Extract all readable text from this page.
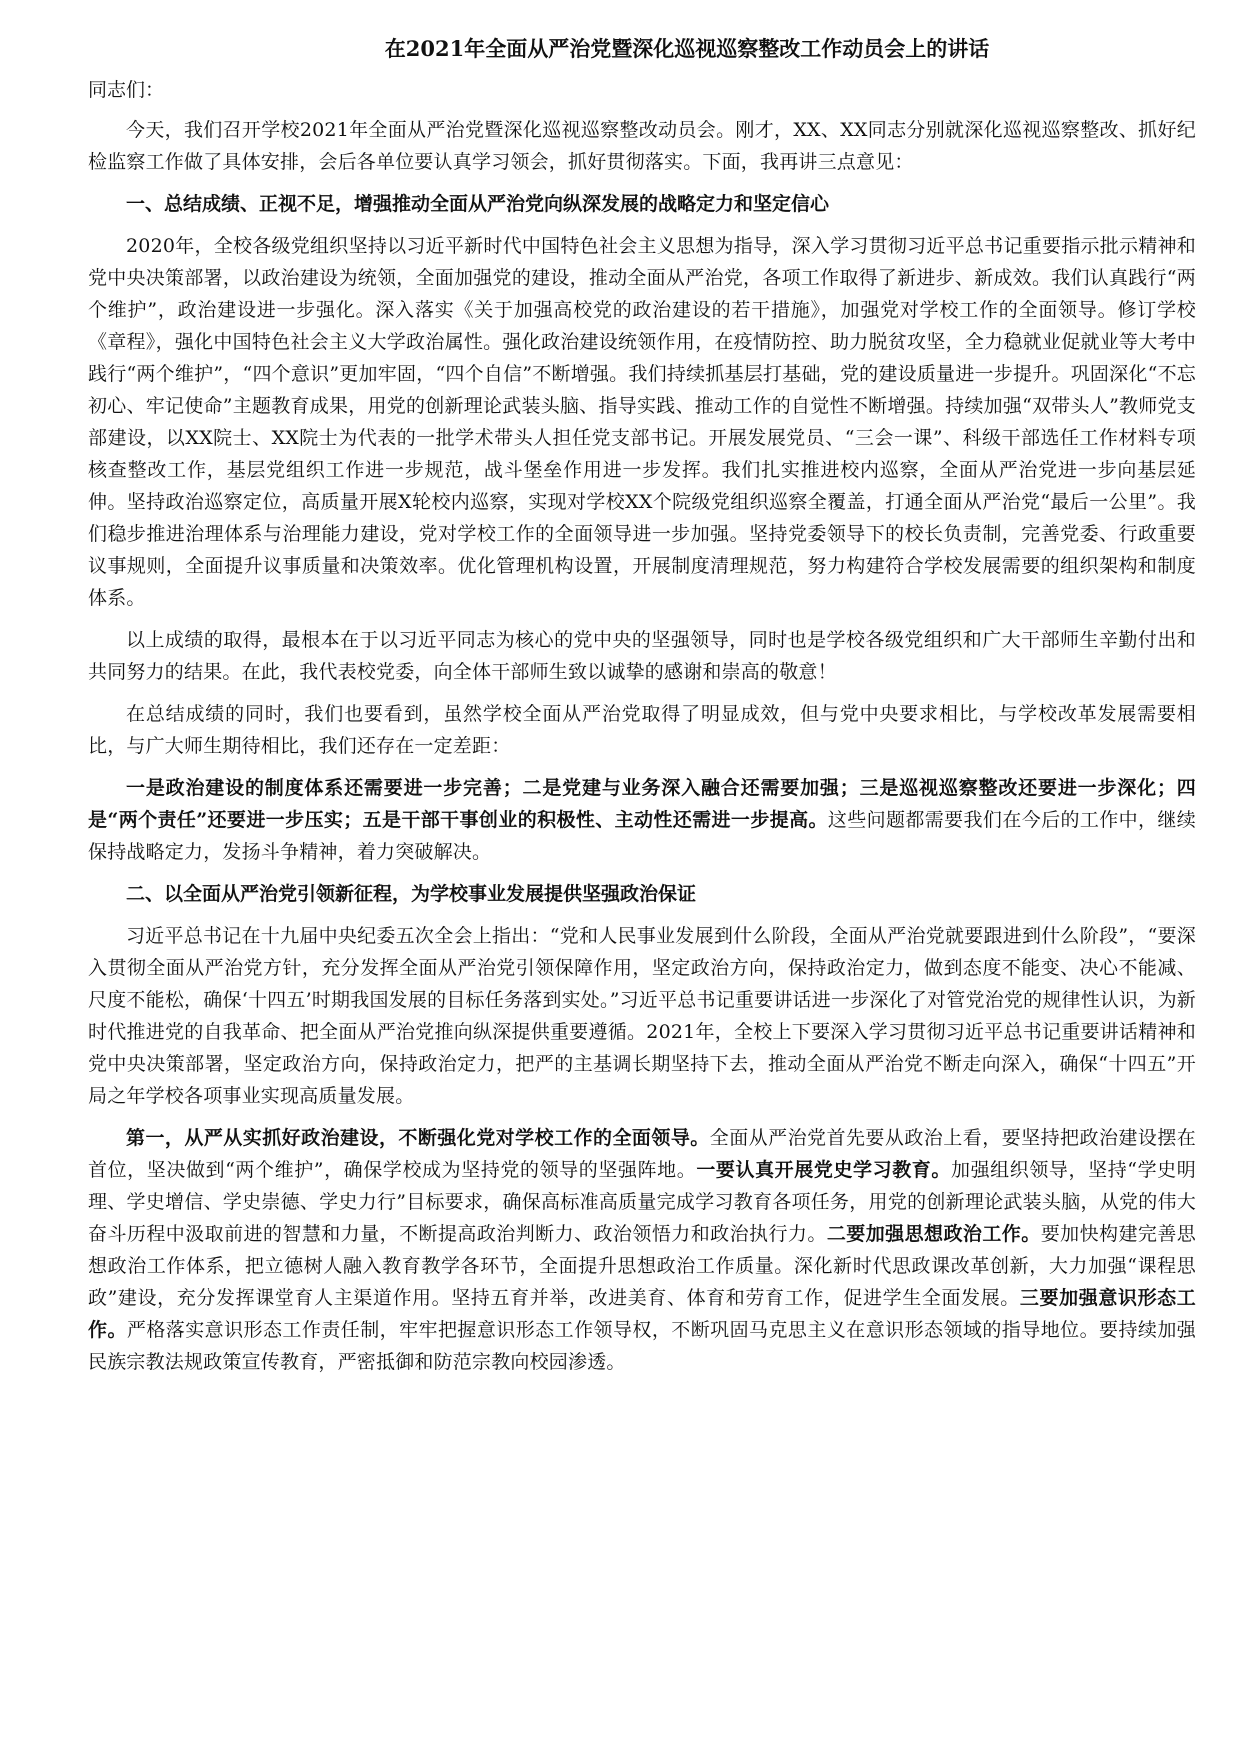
在2021年全面从严治党暨深化巡视巡察整改工作动员会上的讲话
同志们：

今天，我们召开学校2021年全面从严治党暨深化巡视巡察整改动员会。刚才，XX、XX同志分别就深化巡视巡察整改、抓好纪检监察工作做了具体安排，会后各单位要认真学习领会，抓好贯彻落实。下面，我再讲三点意见：

一、总结成绩、正视不足，增强推动全面从严治党向纵深发展的战略定力和坚定信心

2020年，全校各级党组织坚持以习近平新时代中国特色社会主义思想为指导，深入学习贯彻习近平总书记重要指示批示精神和党中央决策部署，以政治建设为统领，全面加强党的建设，推动全面从严治党，各项工作取得了新进步、新成效。我们认真践行“两个维护”，政治建设进一步强化。深入落实《关于加强高校党的政治建设的若干措施》，加强党对学校工作的全面领导。修订学校《章程》，强化中国特色社会主义大学政治属性。强化政治建设统领作用，在疫情防控、助力脱贫攻坚，全力稳就业促就业等大考中践行“两个维护”，“四个意识”更加牢固，“四个自信”不断增强。我们持续抓基层打基础，党的建设质量进一步提升。巩固深化“不忘初心、牢记使命”主题教育成果，用党的创新理论武装头脑、指导实践、推动工作的自觉性不断增强。持续加强“双带头人”教师党支部建设，以XX院士、XX院士为代表的一批学术带头人担任党支部书记。开展发展党员、“三会一课”、科级干部选任工作材料专项核查整改工作，基层党组织工作进一步规范，战斗堡垒作用进一步发挥。我们扎实推进校内巡察，全面从严治党进一步向基层延伸。坚持政治巡察定位，高质量开展X轮校内巡察，实现对学校XX个院级党组织巡察全覆盖，打通全面从严治党“最后一公里”。我们稳步推进治理体系与治理能力建设，党对学校工作的全面领导进一步加强。坚持党委领导下的校长负责制，完善党委、行政重要议事规则，全面提升议事质量和决策效率。优化管理机构设置，开展制度清理规范，努力构建符合学校发展需要的组织架构和制度体系。

以上成绩的取得，最根本在于以习近平同志为核心的党中央的坚强领导，同时也是学校各级党组织和广大干部师生辛勤付出和共同努力的结果。在此，我代表校党委，向全体干部师生致以诚挚的感谢和崇高的敬意！

在总结成绩的同时，我们也要看到，虽然学校全面从严治党取得了明显成效，但与党中央要求相比，与学校改革发展需要相比，与广大师生期待相比，我们还存在一定差距：

一是政治建设的制度体系还需要进一步完善；二是党建与业务深入融合还需要加强；三是巡视巡察整改还要进一步深化；四是“两个责任”还要进一步压实；五是干部干事创业的积极性、主动性还需进一步提高。这些问题都需要我们在今后的工作中，继续保持战略定力，发扬斗争精神，着力突破解决。

二、以全面从严治党引领新征程，为学校事业发展提供坚强政治保证

习近平总书记在十九届中央纪委五次全会上指出：“党和人民事业发展到什么阶段，全面从严治党就要跟进到什么阶段”，“要深入贯彻全面从严治党方针，充分发挥全面从严治党引领保障作用，坚定政治方向，保持政治定力，做到态度不能变、决心不能减、尺度不能松，确保‘十四五’时期我国发展的目标任务落到实处。”习近平总书记重要讲话进一步深化了对管党治党的规律性认识，为新时代推进党的自我革命、把全面从严治党推向纵深提供重要遵循。2021年，全校上下要深入学习贯彻习近平总书记重要讲话精神和党中央决策部署，坚定政治方向，保持政治定力，把严的主基调长期坚持下去，推动全面从严治党不断走向深入，确保“十四五”开局之年学校各项事业实现高质量发展。

第一，从严从实抓好政治建设，不断强化党对学校工作的全面领导。全面从严治党首先要从政治上看，要坚持把政治建设摆在首位，坚决做到“两个维护”，确保学校成为坚持党的领导的坚强阵地。一要认真开展党史学习教育。加强组织领导，坚持“学史明理、学史增信、学史崇德、学史力行”目标要求，确保高标准高质量完成学习教育各项任务，用党的创新理论武装头脑，从党的伟大奋斗历程中汲取前进的智慧和力量，不断提高政治判断力、政治领悟力和政治执行力。二要加强思想政治工作。要加快构建完善思想政治工作体系，把立德树人融入教育教学各环节，全面提升思想政治工作质量。深化新时代思政课改革创新，大力加强“课程思政”建设，充分发挥课堂育人主渠道作用。坚持五育并举，改进美育、体育和劳育工作，促进学生全面发展。三要加强意识形态工作。严格落实意识形态工作责任制，牢牢把握意识形态工作领导权，不断巩固马克思主义在意识形态领域的指导地位。要持续加强民族宗教法规政策宣传教育，严密抵御和防范宗教向校园渗透。
